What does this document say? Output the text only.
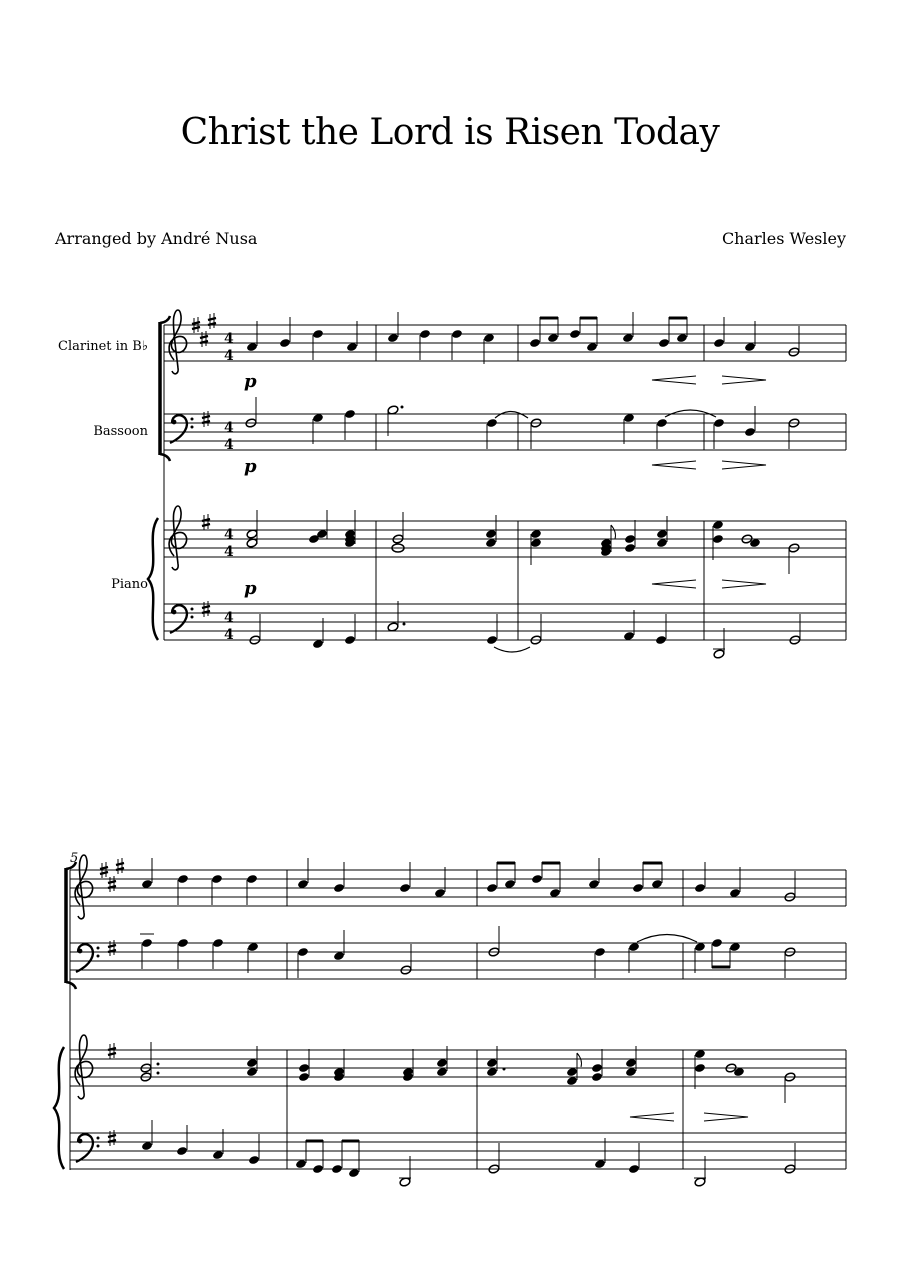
Christ the Lord is Risen Today
Arranged by André Nusa	Charles Wesley
Clarinet in B♭
Bassoon
Piano
4
4
p
4
4
p
4
4
p
4
4
5
